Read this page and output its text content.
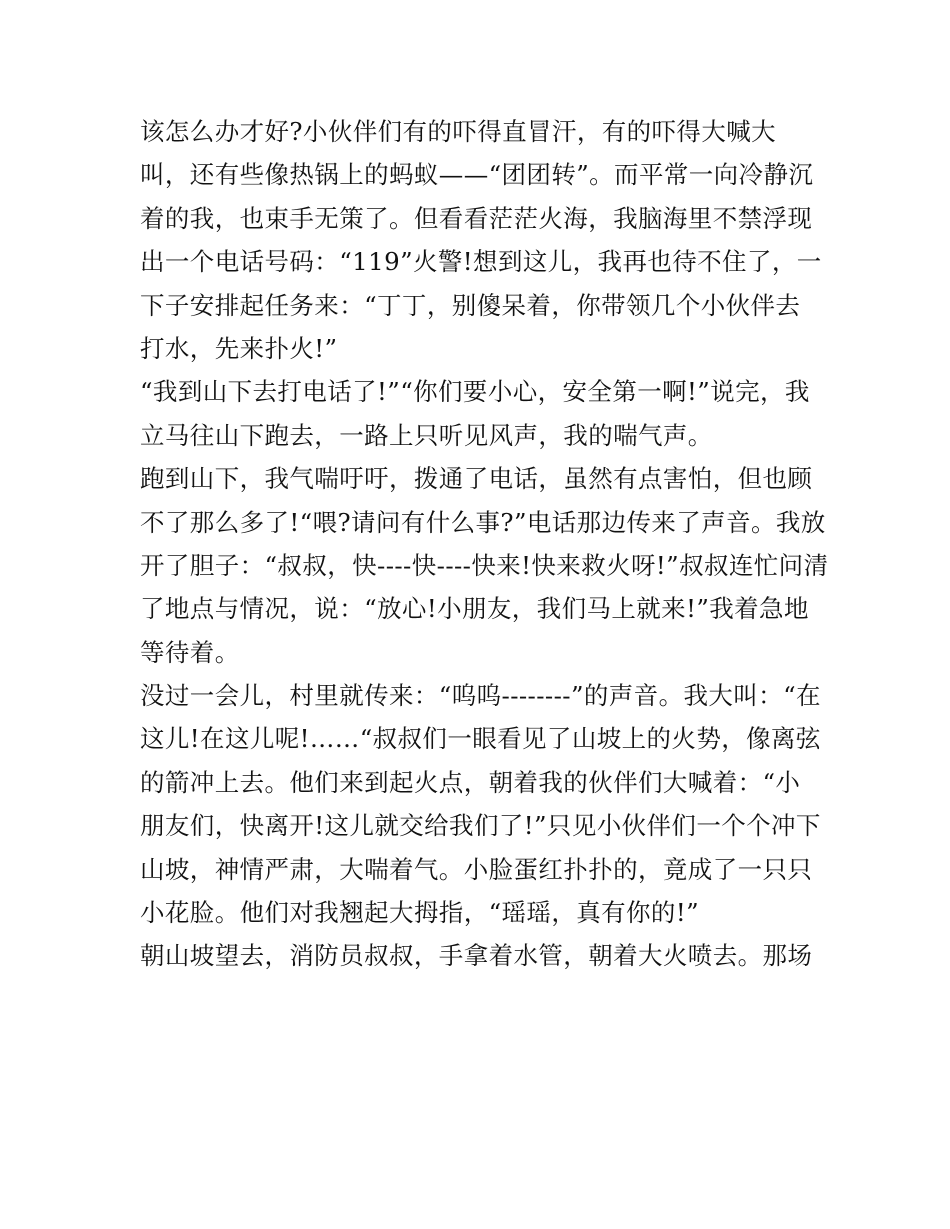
该怎么办才好?小伙伴们有的吓得直冒汗，有的吓得大喊大
叫，还有些像热锅上的蚂蚁——“团团转”。而平常一向冷静沉
着的我，也束手无策了。但看看茫茫火海，我脑海里不禁浮现
出一个电话号码：“119”火警!想到这儿，我再也待不住了，一
下子安排起任务来：“丁丁，别傻呆着，你带领几个小伙伴去
打水，先来扑火!”
“我到山下去打电话了!”“你们要小心，安全第一啊!”说完，我
立马往山下跑去，一路上只听见风声，我的喘气声。
跑到山下，我气喘吁吁，拨通了电话，虽然有点害怕，但也顾
不了那么多了!“喂?请问有什么事?”电话那边传来了声音。我放
开了胆子：“叔叔，快----快----快来!快来救火呀!”叔叔连忙问清
了地点与情况，说：“放心!小朋友，我们马上就来!”我着急地
等待着。
没过一会儿，村里就传来：“呜呜--------”的声音。我大叫：“在
这儿!在这儿呢!……“叔叔们一眼看见了山坡上的火势，像离弦
的箭冲上去。他们来到起火点，朝着我的伙伴们大喊着：“小
朋友们，快离开!这儿就交给我们了!”只见小伙伴们一个个冲下
山坡，神情严肃，大喘着气。小脸蛋红扑扑的，竟成了一只只
小花脸。他们对我翘起大拇指，“瑶瑶，真有你的!”
朝山坡望去，消防员叔叔，手拿着水管，朝着大火喷去。那场
